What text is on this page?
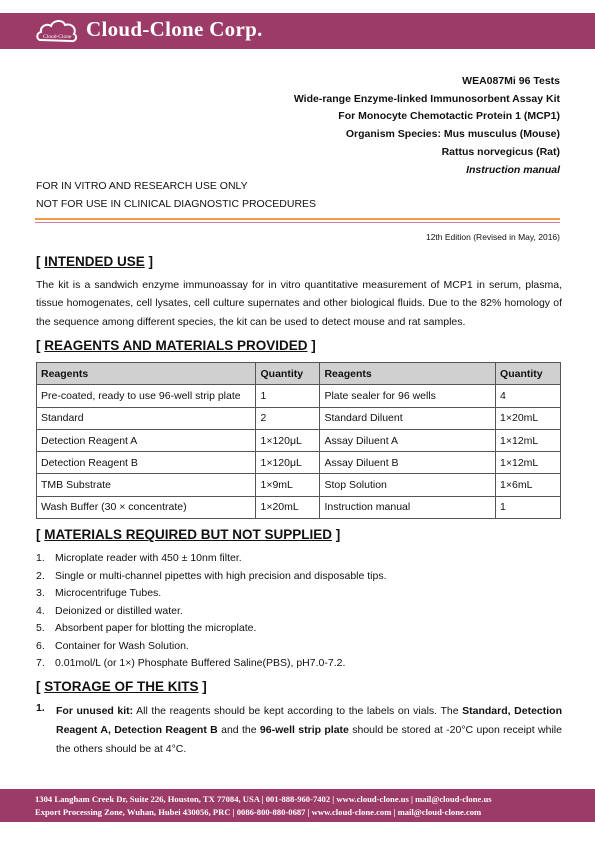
Cloud-Clone Cloud-Clone Corp.
WEA087Mi 96 Tests
Wide-range Enzyme-linked Immunosorbent Assay Kit
For Monocyte Chemotactic Protein 1 (MCP1)
Organism Species: Mus musculus (Mouse)
Rattus norvegicus (Rat)
Instruction manual
FOR IN VITRO AND RESEARCH USE ONLY
NOT FOR USE IN CLINICAL DIAGNOSTIC PROCEDURES
12th Edition (Revised in May, 2016)
[ INTENDED USE ]
The kit is a sandwich enzyme immunoassay for in vitro quantitative measurement of MCP1 in serum, plasma, tissue homogenates, cell lysates, cell culture supernates and other biological fluids. Due to the 82% homology of the sequence among different species, the kit can be used to detect mouse and rat samples.
[ REAGENTS AND MATERIALS PROVIDED ]
Reagents	Quantity	Reagents	Quantity
Pre-coated, ready to use 96-well strip plate	1	Plate sealer for 96 wells	4
Standard	2	Standard Diluent	1×20mL
Detection Reagent A	1×120μL	Assay Diluent A	1×12mL
Detection Reagent B	1×120μL	Assay Diluent B	1×12mL
TMB Substrate	1×9mL	Stop Solution	1×6mL
Wash Buffer (30 × concentrate)	1×20mL	Instruction manual	1
[ MATERIALS REQUIRED BUT NOT SUPPLIED ]
1. Microplate reader with 450 ± 10nm filter.
2. Single or multi-channel pipettes with high precision and disposable tips.
3. Microcentrifuge Tubes.
4. Deionized or distilled water.
5. Absorbent paper for blotting the microplate.
6. Container for Wash Solution.
7. 0.01mol/L (or 1×) Phosphate Buffered Saline(PBS), pH7.0-7.2.
[ STORAGE OF THE KITS ]
1. For unused kit: All the reagents should be kept according to the labels on vials. The Standard, Detection Reagent A, Detection Reagent B and the 96-well strip plate should be stored at -20°C upon receipt while the others should be at 4°C.
1304 Langham Creek Dr, Suite 226, Houston, TX 77084, USA | 001-888-960-7402 | www.cloud-clone.us | mail@cloud-clone.us
Export Processing Zone, Wuhan, Hubei 430056, PRC | 0086-800-880-0687 | www.cloud-clone.com | mail@cloud-clone.com
